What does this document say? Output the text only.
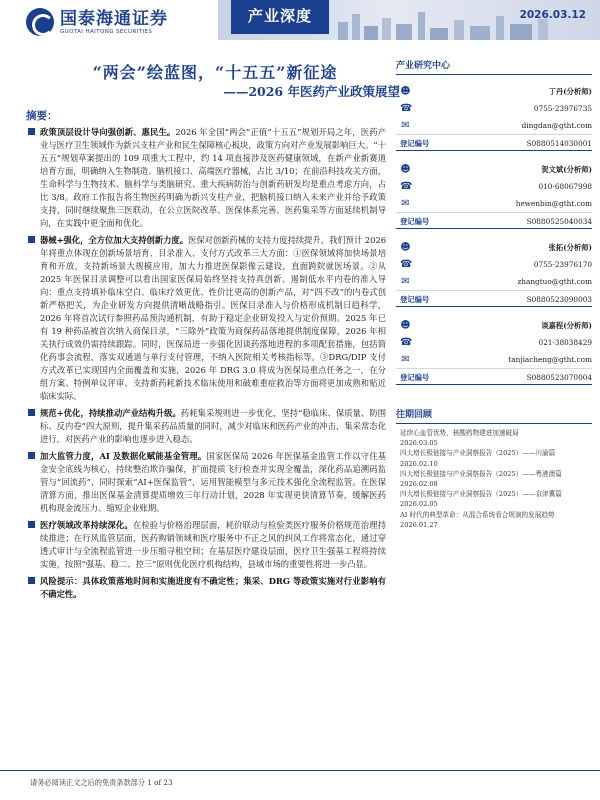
国泰海通证券
GUOTAI HAITONG SECURITIES
产业深度	2026.03.12
“两会”绘蓝图，“十五五”新征途
——2026 年医药产业政策展望
摘要：
政策顶层设计导向强创新、惠民生。2026 年全国“两会”正值“十五五”规划开局之年，医药产业与医疗卫生领域作为新兴支柱产业和民生保障核心板块，政策方向对产业发展影响巨大。“十五五”规划草案提出的 109 项重大工程中，约 14 项直接涉及医药健康领域，在新产业新赛道培育方面，明确纳入生物制造、脑机接口、高端医疗器械，占比 3/10；在前沿科技攻关方面，生命科学与生物技术、脑科学与类脑研究、重大疾病防治与创新药研发均是重点考虑方向，占比 3/8。政府工作报告将生物医药明确为新兴支柱产业，把脑机接口纳入未来产业并给予政策支持，同时继续聚焦三医联动，在公立医院改革、医保体系完善、医药集采等方面延续机制导向，在实践中更全面和优化。
器械+强化，全方位加大支持创新力度。医保对创新药械的支持力度持续提升，我们预计 2026 年将重点体现在创新场景培育、目录准入、支付方式改革三大方面：①医保领域将加快场景培育和开放，支持新场景大规模应用，加大力推进医保影像云建设，直面跨院就医场景。②从 2025 年医保目录调整可以看出国家医保局始终坚持支持真创新、遏制低水平内卷的准入导向：重点支持填补临床空白、临床疗效更优、性价比更高的创新产品，对“四不改”的内卷式创新严格把关，为企业研发方向提供清晰战略指引。医保目录准入与价格形成机制日趋科学，2026 年将首次试行参照药品预沟通机制，有助于稳定企业研发投入与定价预期。2025 年已有 19 种药品被首次纳入商保目录，“三除外”政策为商保药品落地提供制度保障，2026 年相关执行成效仍需持续跟踪。同时，医保局进一步强化因谈药落地进程的多项配套措施，包括简化药事会流程，落实双通道与单行支付管理，不纳入医院相关考核指标等。③DRG/DIP 支付方式改革已实现国内全面覆盖和实施，2026 年 DRG 3.0 将成为医保局重点任务之一，在分组方案、特例单议评审、支持新药耗新技术临床使用和破难重症救治等方面将更加成熟和贴近临床实际。
规范+优化，持续推动产业结构升级。药耗集采规则进一步优化，坚持“稳临床、保质量、防围标、反内卷”四大原则，提升集采药品质量的同时，减少对临床和医药产业的冲击，集采常态化进行，对医药产业的影响也逐步进入稳态。
加大监管力度，AI 及数据化赋能基金管理。国家医保局 2026 年医保基金监管工作以守住基金安全底线为核心，持续整治欺诈骗保，扩面提质飞行检查并实现全覆盖，深化药品追溯码监管与“回流药”，同时探索“AI+医保监管”，运用智能模型与多元技术强化全流程监管。在医保清算方面，推出医保基金清算提质增效三年行动计划，2028 年实现更快清算节奏，缓解医药机构现金流压力、缩短企业账期。
医疗领域改革持续深化。在检验与价格治理层面，耗价联动与检验类医疗服务价格规范治理持续推进；在行风监管层面，医药购销领域和医疗服务中不正之风的纠风工作将常态化，通过穿透式审计与全流程监管进一步压缩寻租空间；在基层医疗建设层面，医疗卫生强基工程将持续实施，按照“强基、稳二、控三”原则优化医疗机构结构，县域市场的重要性将进一步凸显。
风险提示：具体政策落地时间和实施进度有不确定性；集采、DRG 等政策实施对行业影响有不确定性。
产业研究中心
☻	丁丹(分析师)
☎	0755-23976735
✉	dingdan@gtht.com
登记编号	S0880514030001
☻	贺文斌(分析师)
☎	010-68067998
✉	hewenbin@gtht.com
登记编号	S0880525040034
☻	张拓(分析师)
☎	0755-23976170
✉	zhangtuo@gtht.com
登记编号	S0880523090003
☻	谈嘉程(分析师)
☎	021-38038429
✉	tanjiacheng@gtht.com
登记编号	S0880523070004
往期回顾
延续心血管优势，核酸药物建进加速破局
2026.03.05
四大增长极链接与产业洞察报告（2025）——川渝篇 2026.02.10
四大增长极链接与产业洞察报告（2025）——粤港澳篇 2026.02.08
四大增长极链接与产业洞察报告（2025）——京津冀篇 2026.02.05
AI 时代的典型革命：从混合系统看合规演的发展趋势 2026.01.27
请务必阅读正文之后的免责条款部分 1 of 23
